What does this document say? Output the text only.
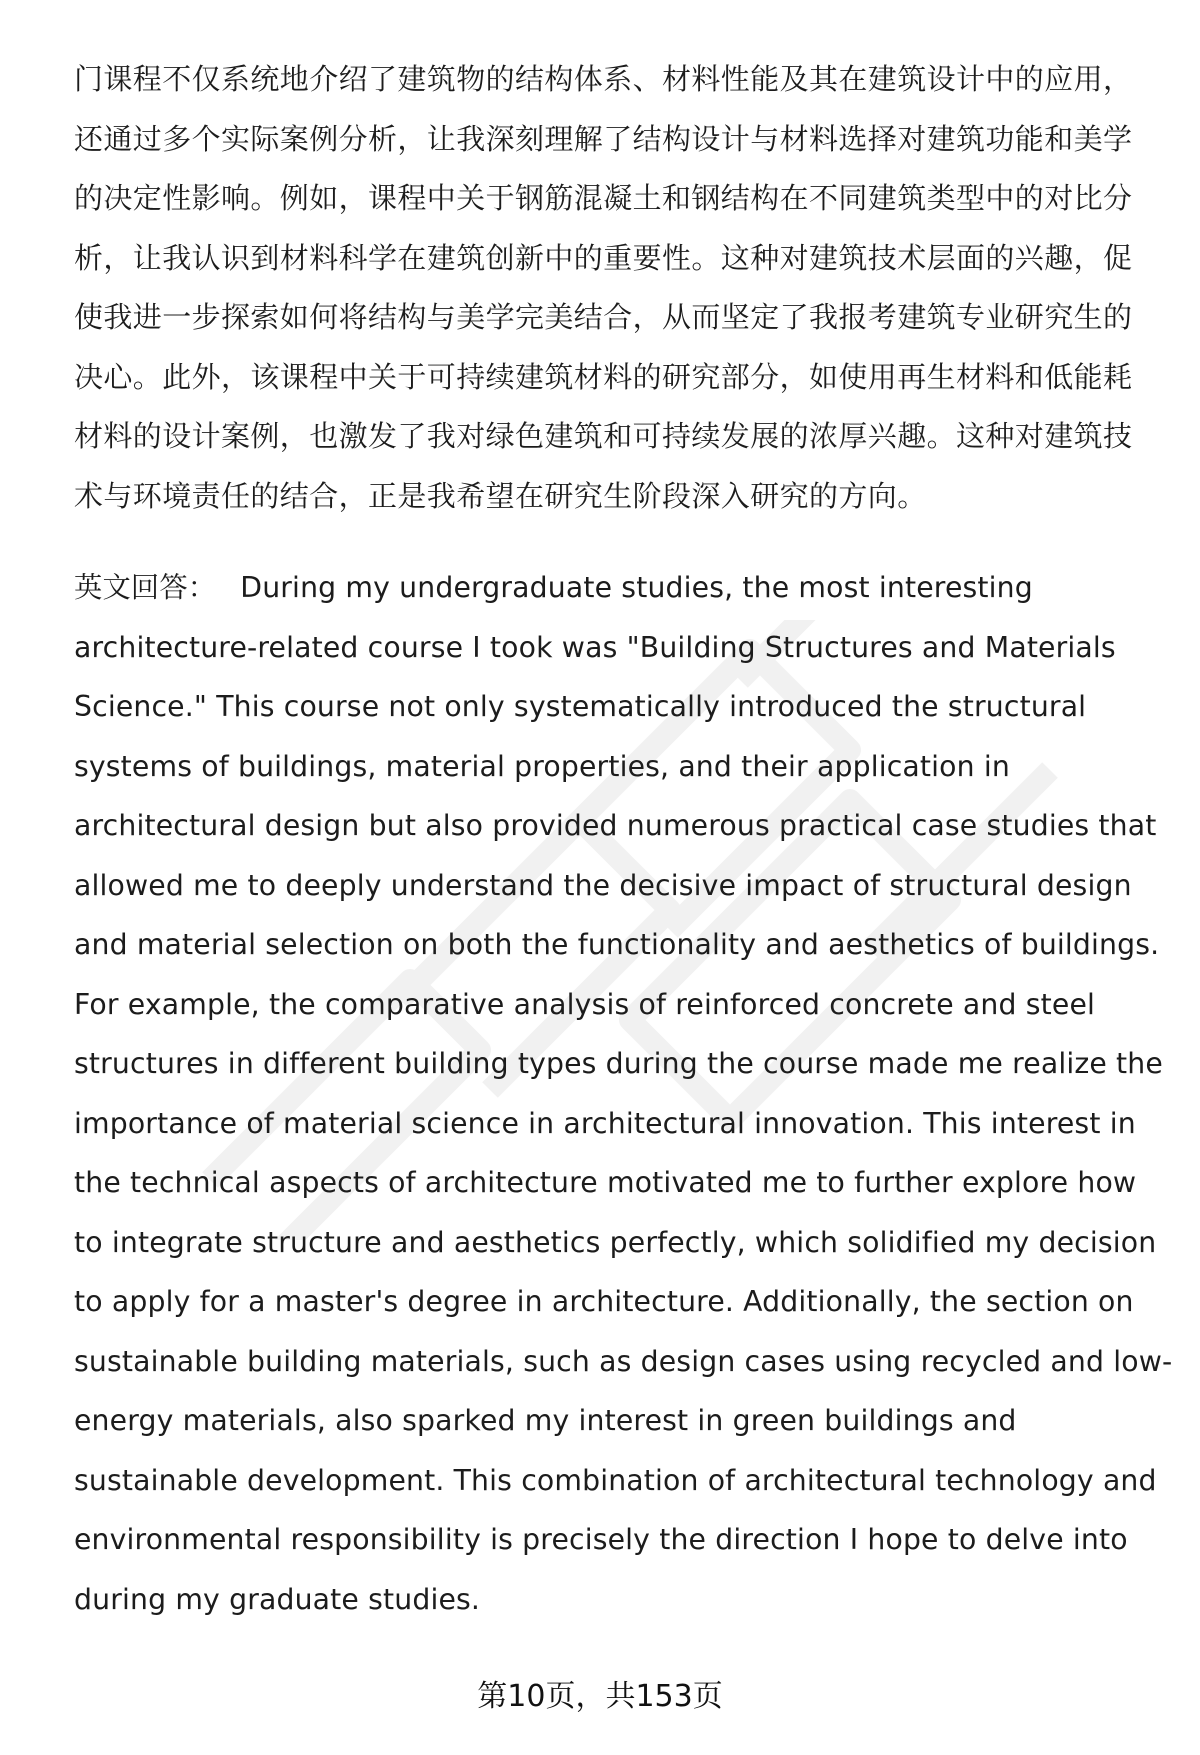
门课程不仅系统地介绍了建筑物的结构体系、材料性能及其在建筑设计中的应用，
还通过多个实际案例分析，让我深刻理解了结构设计与材料选择对建筑功能和美学
的决定性影响。例如，课程中关于钢筋混凝土和钢结构在不同建筑类型中的对比分
析，让我认识到材料科学在建筑创新中的重要性。这种对建筑技术层面的兴趣，促
使我进一步探索如何将结构与美学完美结合，从而坚定了我报考建筑专业研究生的
决心。此外，该课程中关于可持续建筑材料的研究部分，如使用再生材料和低能耗
材料的设计案例，也激发了我对绿色建筑和可持续发展的浓厚兴趣。这种对建筑技
术与环境责任的结合，正是我希望在研究生阶段深入研究的方向。
英文回答： During my undergraduate studies, the most interesting
architecture-related course I took was "Building Structures and Materials
Science." This course not only systematically introduced the structural
systems of buildings, material properties, and their application in
architectural design but also provided numerous practical case studies that
allowed me to deeply understand the decisive impact of structural design
and material selection on both the functionality and aesthetics of buildings.
For example, the comparative analysis of reinforced concrete and steel
structures in different building types during the course made me realize the
importance of material science in architectural innovation. This interest in
the technical aspects of architecture motivated me to further explore how
to integrate structure and aesthetics perfectly, which solidified my decision
to apply for a master's degree in architecture. Additionally, the section on
sustainable building materials, such as design cases using recycled and low-
energy materials, also sparked my interest in green buildings and
sustainable development. This combination of architectural technology and
environmental responsibility is precisely the direction I hope to delve into
during my graduate studies.
第10页，共153页
